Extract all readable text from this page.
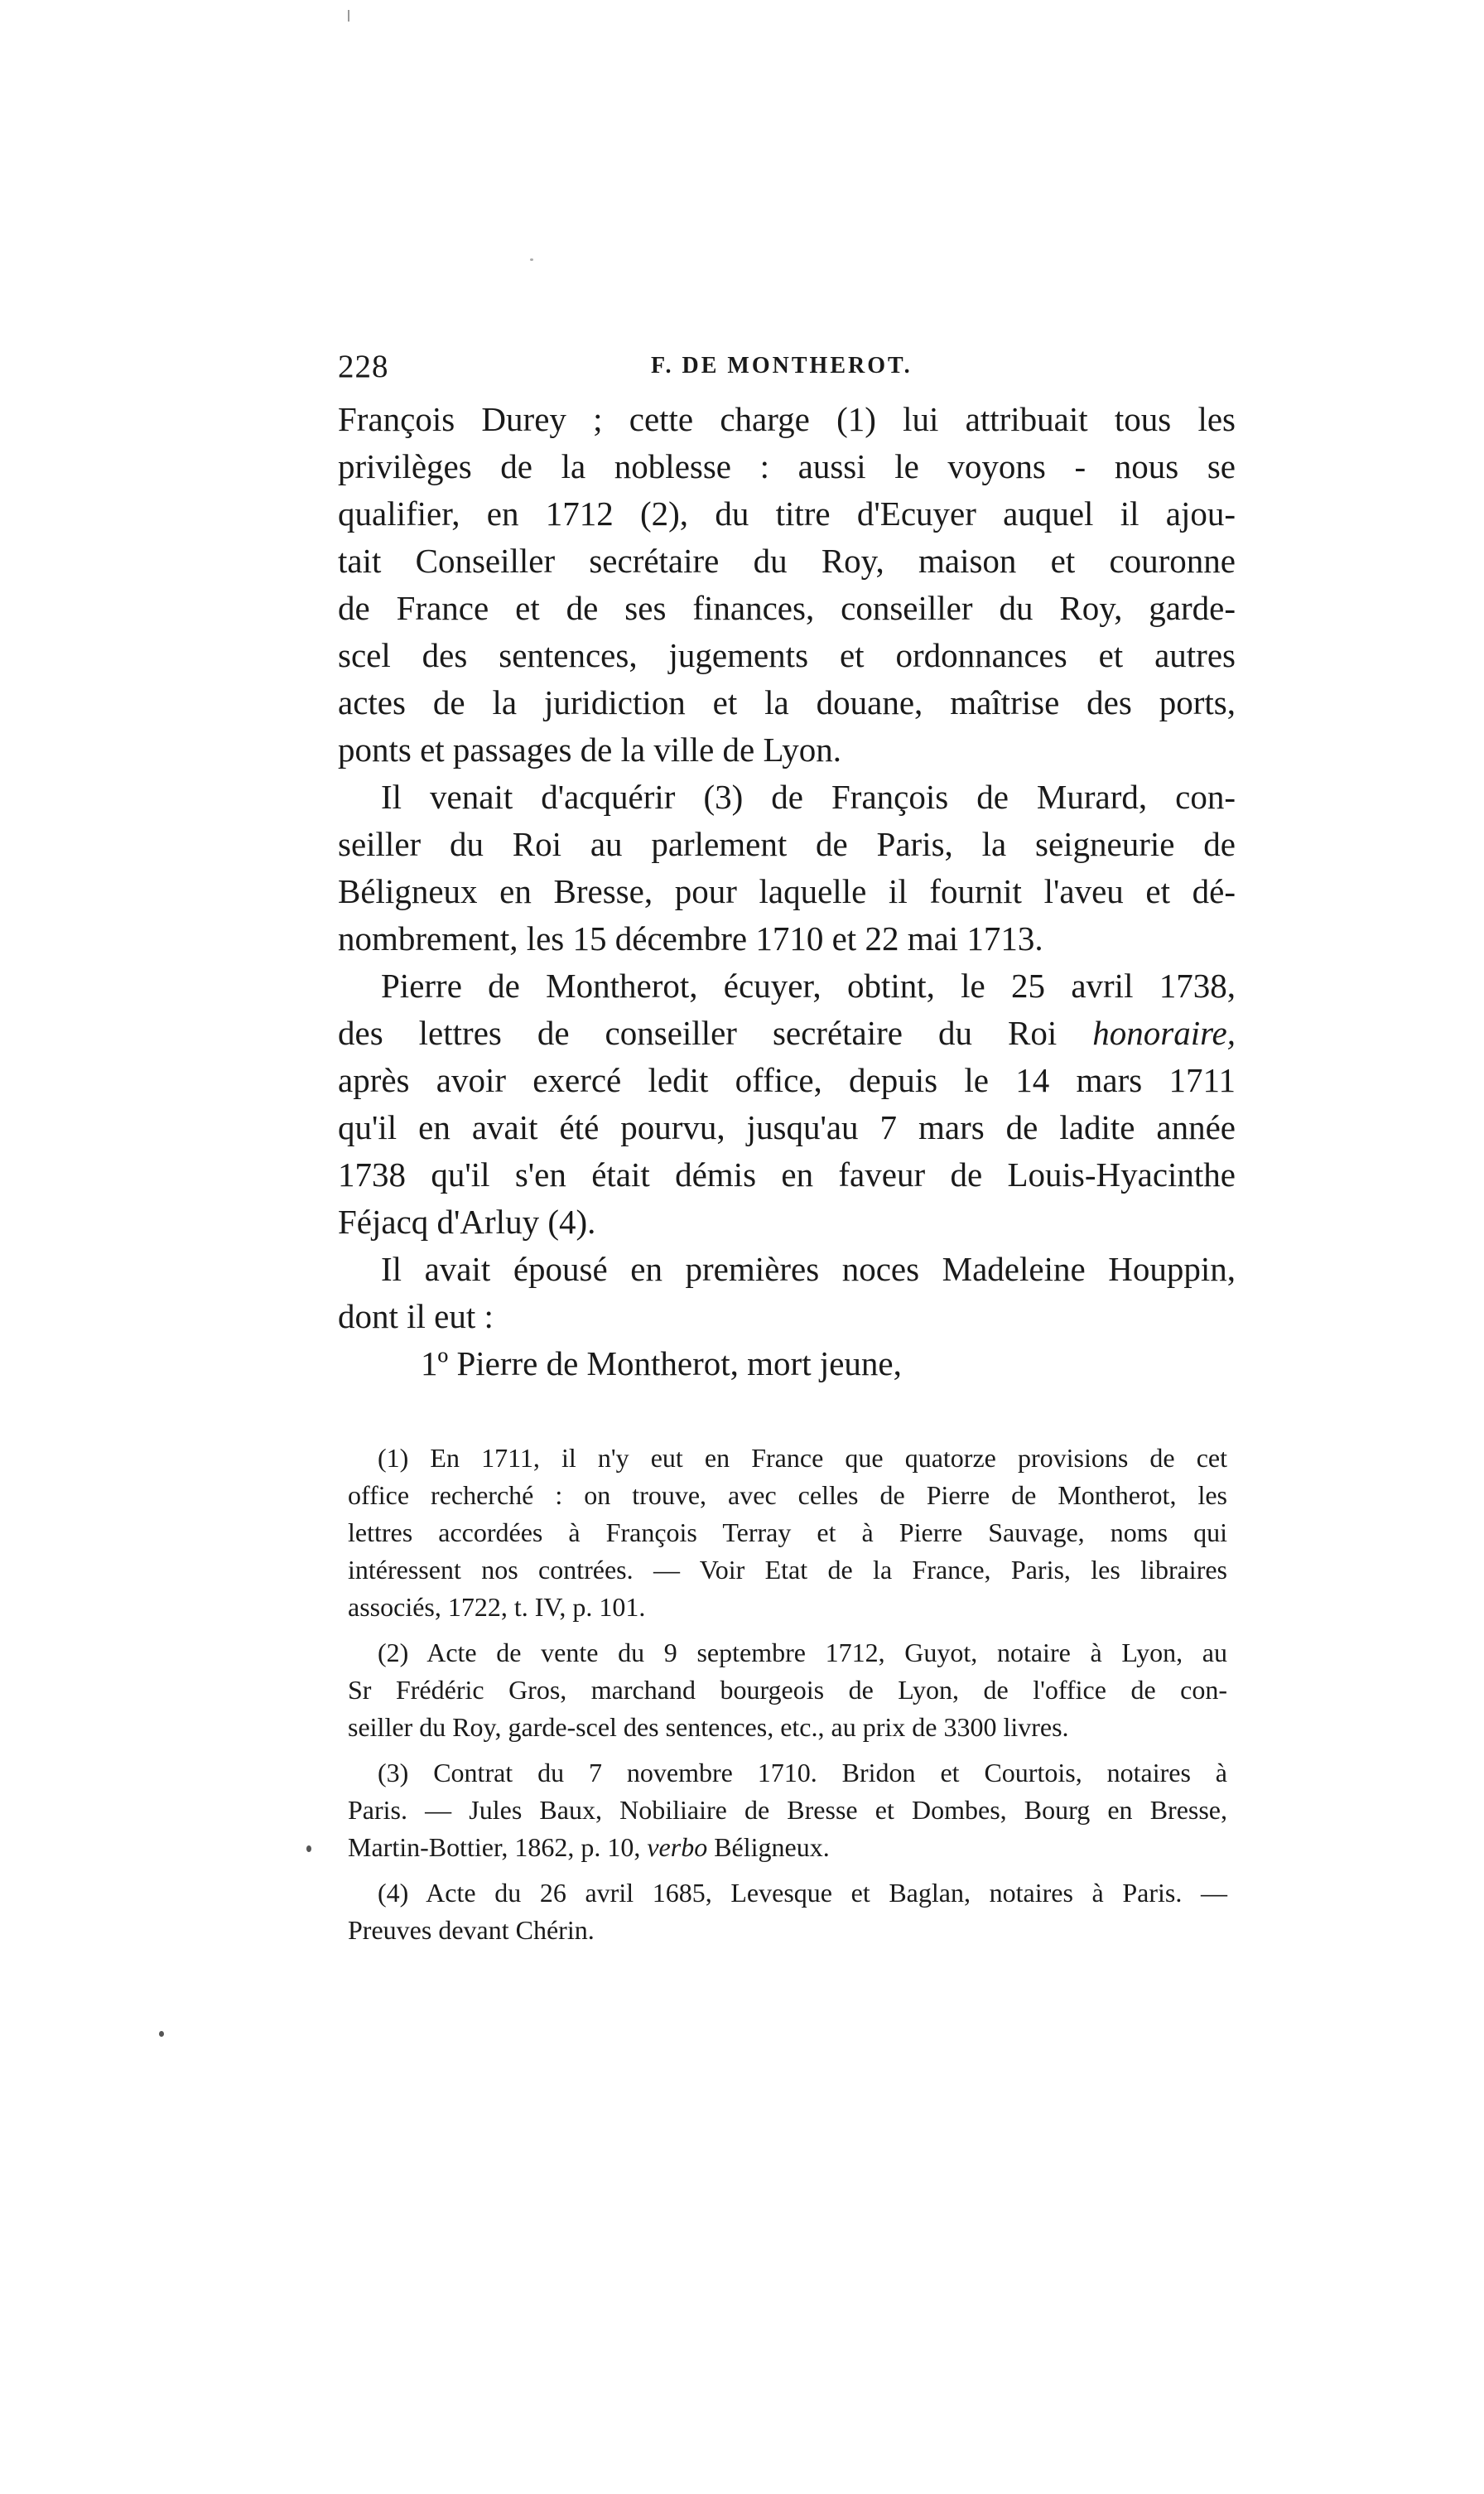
228	F. DE MONTHEROT.
François Durey ; cette charge (1) lui attribuait tous les
privilèges de la noblesse : aussi le voyons - nous se
qualifier, en 1712 (2), du titre d'Ecuyer auquel il ajou-
tait Conseiller secrétaire du Roy, maison et couronne
de France et de ses finances, conseiller du Roy, garde-
scel des sentences, jugements et ordonnances et autres
actes de la juridiction et la douane, maîtrise des ports,
ponts et passages de la ville de Lyon.
Il venait d'acquérir (3) de François de Murard, con-
seiller du Roi au parlement de Paris, la seigneurie de
Béligneux en Bresse, pour laquelle il fournit l'aveu et dé-
nombrement, les 15 décembre 1710 et 22 mai 1713.
Pierre de Montherot, écuyer, obtint, le 25 avril 1738,
des lettres de conseiller secrétaire du Roi honoraire,
après avoir exercé ledit office, depuis le 14 mars 1711
qu'il en avait été pourvu, jusqu'au 7 mars de ladite année
1738 qu'il s'en était démis en faveur de Louis-Hyacinthe
Féjacq d'Arluy (4).
Il avait épousé en premières noces Madeleine Houppin,
dont il eut :
1º Pierre de Montherot, mort jeune,
(1) En 1711, il n'y eut en France que quatorze provisions de cet
office recherché : on trouve, avec celles de Pierre de Montherot, les
lettres accordées à François Terray et à Pierre Sauvage, noms qui
intéressent nos contrées. — Voir Etat de la France, Paris, les libraires
associés, 1722, t. IV, p. 101.
(2) Acte de vente du 9 septembre 1712, Guyot, notaire à Lyon, au
Sr Frédéric Gros, marchand bourgeois de Lyon, de l'office de con-
seiller du Roy, garde-scel des sentences, etc., au prix de 3300 livres.
(3) Contrat du 7 novembre 1710. Bridon et Courtois, notaires à
Paris. — Jules Baux, Nobiliaire de Bresse et Dombes, Bourg en Bresse,
Martin-Bottier, 1862, p. 10, verbo Béligneux.
(4) Acte du 26 avril 1685, Levesque et Baglan, notaires à Paris. —
Preuves devant Chérin.
